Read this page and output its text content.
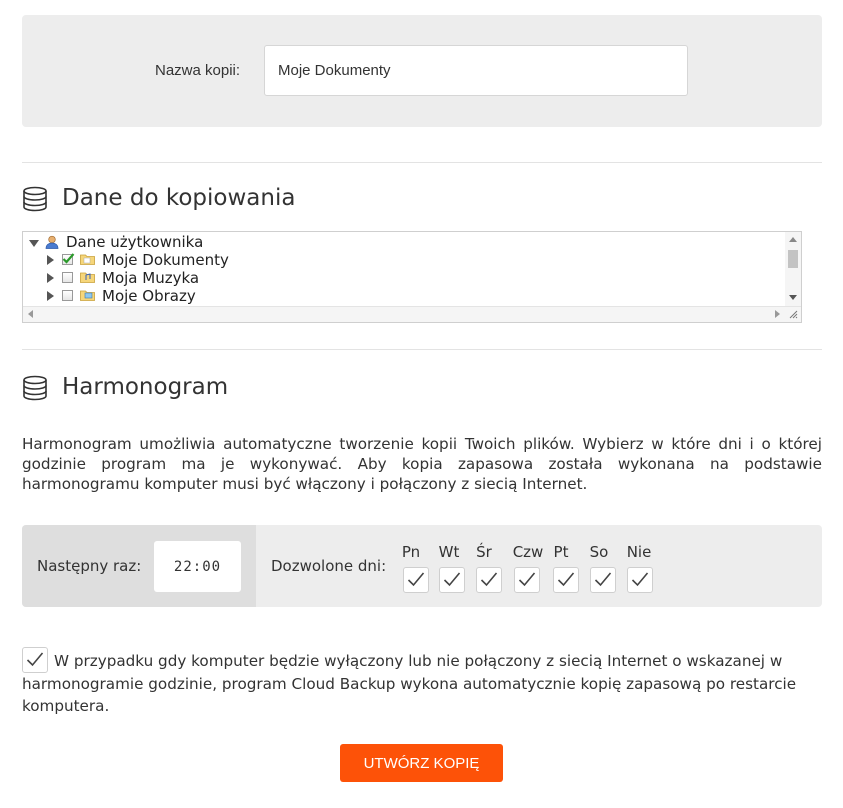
Nazwa kopii:
Moje Dokumenty
Dane do kopiowania
Dane użytkownika
Moje Dokumenty
Moja Muzyka
Moje Obrazy
Harmonogram
Harmonogram umożliwia automatyczne tworzenie kopii Twoich plików. Wybierz w które dni i o której godzinie program ma je wykonywać. Aby kopia zapasowa została wykonana na podstawie harmonogramu komputer musi być włączony i połączony z siecią Internet.
Następny raz:	22:00	Dozwolone dni:
Pn	Wt	Śr	Czw Pt	So	Nie
W przypadku gdy komputer będzie wyłączony lub nie połączony z siecią Internet o wskazanej w harmonogramie godzinie, program Cloud Backup wykona automatycznie kopię zapasową po restarcie komputera.
UTWÓRZ KOPIĘ
